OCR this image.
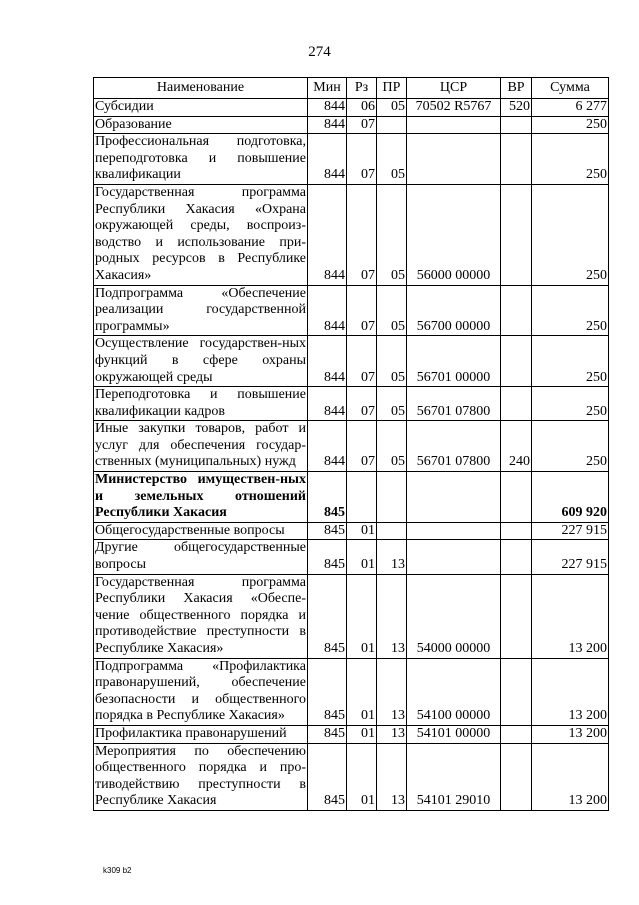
274
Наименование	Мин	Рз	ПР	ЦСР	ВР	Сумма
Субсидии	844	06	05	70502 R5767	520	6 277
Образование	844	07				250
Профессиональная подготовка, переподготовка и повышение квалификации	844	07	05			250
Государственная программа Республики Хакасия «Охрана окружающей среды, воспроиз-водство и использование при-родных ресурсов в Республике Хакасия»	844	07	05	56000 00000		250
Подпрограмма «Обеспечение реализации государственной программы»	844	07	05	56700 00000		250
Осуществление государствен-ных функций в сфере охраны окружающей среды	844	07	05	56701 00000		250
Переподготовка и повышение квалификации кадров	844	07	05	56701 07800		250
Иные закупки товаров, работ и услуг для обеспечения государ-ственных (муниципальных) нужд	844	07	05	56701 07800	240	250
Министерство имуществен-ных и земельных отношений Республики Хакасия	845					609 920
Общегосударственные вопросы	845	01				227 915
Другие общегосударственные вопросы	845	01	13			227 915
Государственная программа Республики Хакасия «Обеспе-чение общественного порядка и противодействие преступности в Республике Хакасия»	845	01	13	54000 00000		13 200
Подпрограмма «Профилактика правонарушений, обеспечение безопасности и общественного порядка в Республике Хакасия»	845	01	13	54100 00000		13 200
Профилактика правонарушений	845	01	13	54101 00000		13 200
Мероприятия по обеспечению общественного порядка и про-тиводействию преступности в Республике Хакасия	845	01	13	54101 29010		13 200
k309 b2
